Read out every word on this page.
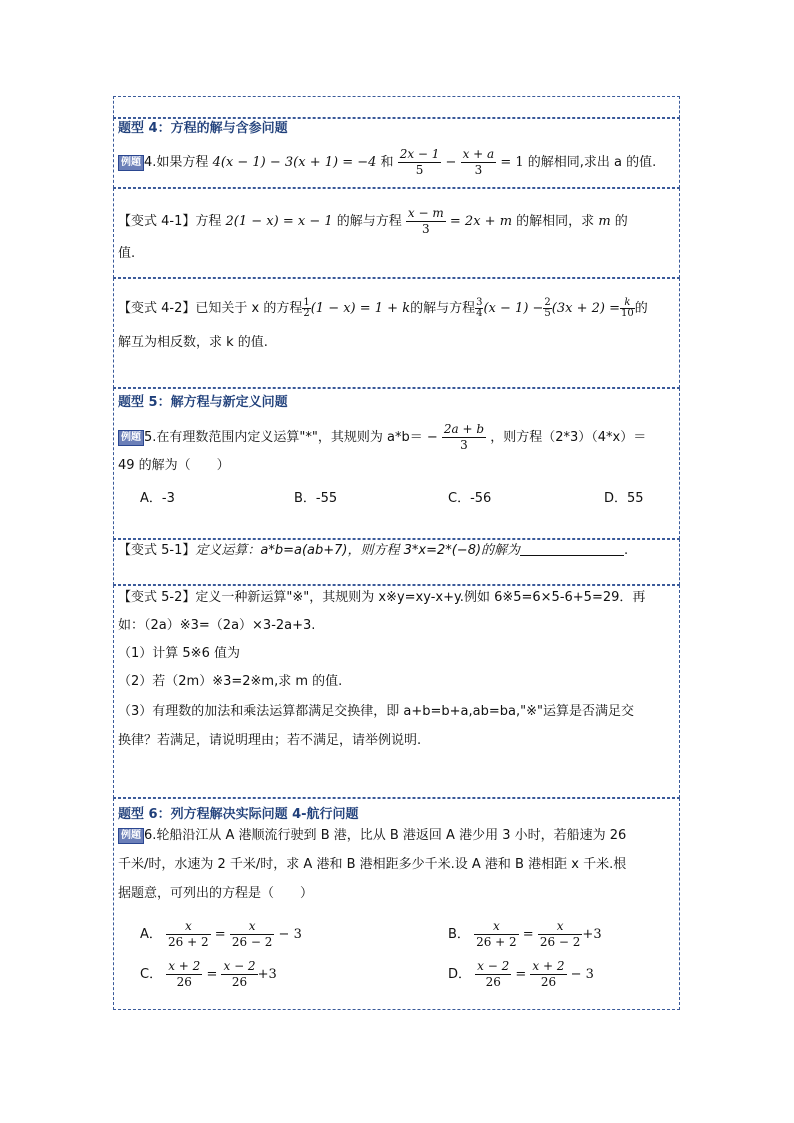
题型 4：方程的解与含参问题
例题 4.如果方程 4(x − 1) − 3(x + 1) = −4 和 $\frac{2x - 1}{5} - \frac{x + a}{3} = 1$ 的解相同,求出 a 的值.
【变式 4-1】方程 2(1 − x) = x − 1 的解与方程 $\frac{x - m}{3} = 2x + m$ 的解相同，求 m 的
值.
【变式 4-2】已知关于 x 的方程 $\frac{1}{2} (1 - x) = 1 + k$的解与方程 $\frac{3}{4} (x - 1) - \frac{2}{5} (3x + 2) = \frac{k}{10}$ 的
解互为相反数，求 k 的值.
题型 5：解方程与新定义问题
例题 5.在有理数范围内定义运算"*"，其规则为 $a*b= - \frac{2a + b}{3}$ ，则方程（2*3）（4*x）＝
49 的解为（　　）
A．-3	B．-55	C．-56	D．55
【变式 5-1】定义运算：a*b=a(ab+7)，则方程 3*x=2*(−8)的解为	.
【变式 5-2】定义一种新运算"※"，其规则为 x※y=xy-x+y.例如 6※5=6×5-6+5=29．再
如：（2a）※3=（2a）×3-2a+3.
（1）计算 5※6 值为
（2）若（2m）※3=2※m,求 m 的值.
（3）有理数的加法和乘法运算都满足交换律，即 a+b=b+a,ab=ba,"※"运算是否满足交
换律？若满足，请说明理由；若不满足，请举例说明.
题型 6：列方程解决实际问题 4-航行问题
例题 6.轮船沿江从 A 港顺流行驶到 B 港，比从 B 港返回 A 港少用 3 小时，若船速为 26
千米/时，水速为 2 千米/时，求 A 港和 B 港相距多少千米.设 A 港和 B 港相距 x 千米.根
据题意，可列出的方程是（　　）
A． $\frac{x}{26 + 2} = \frac{x}{26 - 2} - 3$	B． $\frac{x}{26 + 2} = \frac{x}{26 - 2} +3$
C． $\frac{x + 2}{26} = \frac{x - 2}{26} +3$	D． $\frac{x - 2}{26} = \frac{x + 2}{26} - 3$
